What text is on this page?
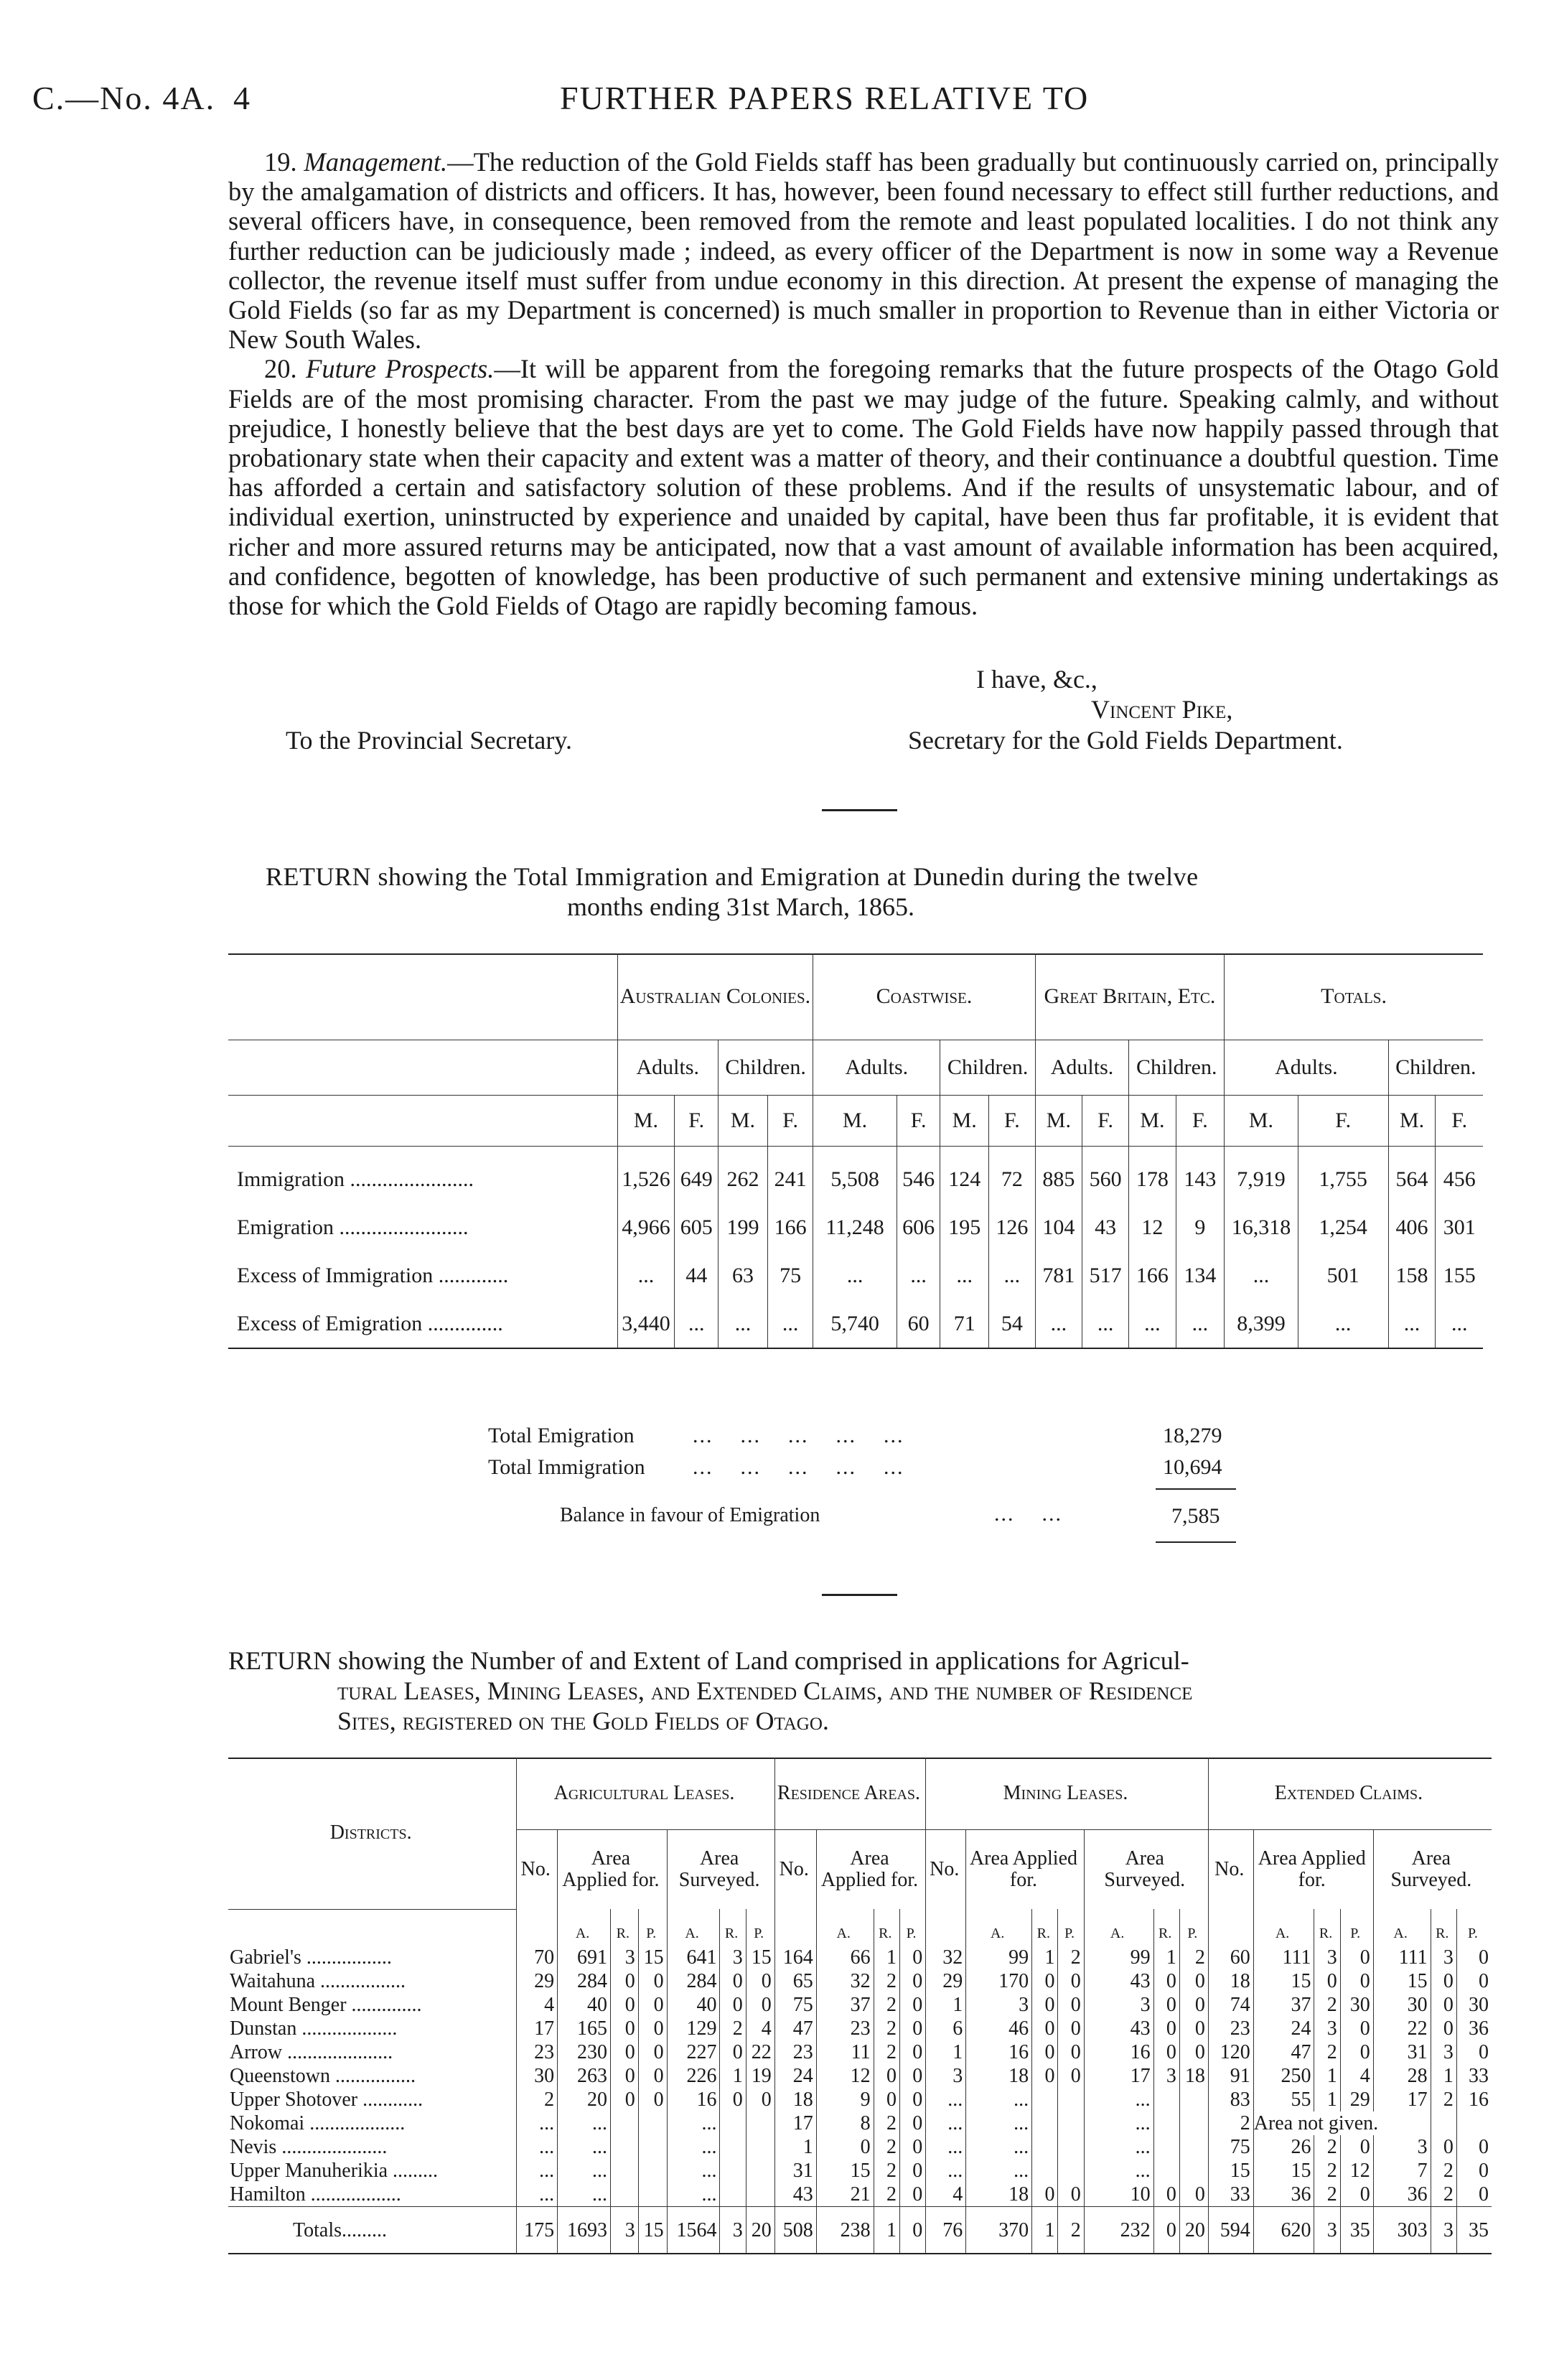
C.—No. 4A. 4	FURTHER PAPERS RELATIVE TO

19. Management.—The reduction of the Gold Fields staff has been gradually but continuously carried on, principally by the amalgamation of districts and officers. It has, however, been found necessary to effect still further reductions, and several officers have, in consequence, been removed from the remote and least populated localities. I do not think any further reduction can be judiciously made ; indeed, as every officer of the Department is now in some way a Revenue collector, the revenue itself must suffer from undue economy in this direction. At present the expense of managing the Gold Fields (so far as my Department is concerned) is much smaller in proportion to Revenue than in either Victoria or New South Wales.

20. Future Prospects.—It will be apparent from the foregoing remarks that the future prospects of the Otago Gold Fields are of the most promising character. From the past we may judge of the future. Speaking calmly, and without prejudice, I honestly believe that the best days are yet to come. The Gold Fields have now happily passed through that probationary state when their capacity and extent was a matter of theory, and their continuance a doubtful question. Time has afforded a certain and satisfactory solution of these problems. And if the results of unsystematic labour, and of individual exertion, uninstructed by experience and unaided by capital, have been thus far profitable, it is evident that richer and more assured returns may be anticipated, now that a vast amount of available information has been acquired, and confidence, begotten of knowledge, has been productive of such permanent and extensive mining undertakings as those for which the Gold Fields of Otago are rapidly becoming famous.

I have, &c.,
Vincent Pike,
To the Provincial Secretary.	Secretary for the Gold Fields Department.
RETURN showing the Total Immigration and Emigration at Dunedin during the twelve
months ending 31st March, 1865.
	Australian Colonies.				Coastwise.				Great Britain, Etc.				Totals.			
	Adults.		Children.		Adults.		Children.		Adults.		Children.		Adults.		Children.	
	M.	F.	M.	F.	M.	F.	M.	F.	M.	F.	M.	F.	M.	F.	M.	F.
Immigration .......................	1,526	649	262	241	5,508	546	124	72	885	560	178	143	7,919	1,755	564	456
Emigration ........................	4,966	605	199	166	11,248	606	195	126	104	43	12	9	16,318	1,254	406	301
Excess of Immigration .............	...	44	63	75	...	...	...	...	781	517	166	134	...	501	158	155
Excess of Emigration ..............	3,440	...	...	...	5,740	60	71	54	...	...	...	...	8,399	...	...	...
Total Emigration	...    ...    ...    ...    ...	18,279
Total Immigration ...    ...    ...    ...    ...	10,694
Balance in favour of Emigration	...    ...	7,585
RETURN showing the Number of and Extent of Land comprised in applications for Agricul-
tural Leases, Mining Leases, and Extended Claims, and the number of Residence
Sites, registered on the Gold Fields of Otago.
Districts.	Agricultural Leases.							Residence Areas.				Mining Leases.							Extended Claims.						
	No.	Area Applied for.			Area Surveyed.			No.	Area Applied for.			No.	Area Applied for.			Area Surveyed.			No.	Area Applied for.			Area Surveyed.		
		A.	R.	P.	A.	R.	P.		A.	R.	P.		A.	R.	P.	A.	R.	P.		A.	R.	P.	A.	R.	P.
Gabriel's .................	70	691	3	15	641	3	15	164	66	1	0	32	99	1	2	99	1	2	60	111	3	0	111	3	0
Waitahuna .................	29	284	0	0	284	0	0	65	32	2	0	29	170	0	0	43	0	0	18	15	0	0	15	0	0
Mount Benger ..............	4	40	0	0	40	0	0	75	37	2	0	1	3	0	0	3	0	0	74	37	2	30	30	0	30
Dunstan ...................	17	165	0	0	129	2	4	47	23	2	0	6	46	0	0	43	0	0	23	24	3	0	22	0	36
Arrow .....................	23	230	0	0	227	0	22	23	11	2	0	1	16	0	0	16	0	0	120	47	2	0	31	3	0
Queenstown ................	30	263	0	0	226	1	19	24	12	0	0	3	18	0	0	17	3	18	91	250	1	4	28	1	33
Upper Shotover ............	2	20	0	0	16	0	0	18	9	0	0	...	...			...			83	55	1	29	17	2	16
Nokomai ...................	...	...			...			17	8	2	0	...	...			...			2	Area not given.					
Nevis .....................	...	...			...			1	0	2	0	...	...			...			75	26	2	0	3	0	0
Upper Manuherikia .........	...	...			...			31	15	2	0	...	...			...			15	15	2	12	7	2	0
Hamilton ..................	...	...			...			43	21	2	0	4	18	0	0	10	0	0	33	36	2	0	36	2	0
Totals.........	175	1693	3	15	1564	3	20	508	238	1	0	76	370	1	2	232	0	20	594	620	3	35	303	3	35
